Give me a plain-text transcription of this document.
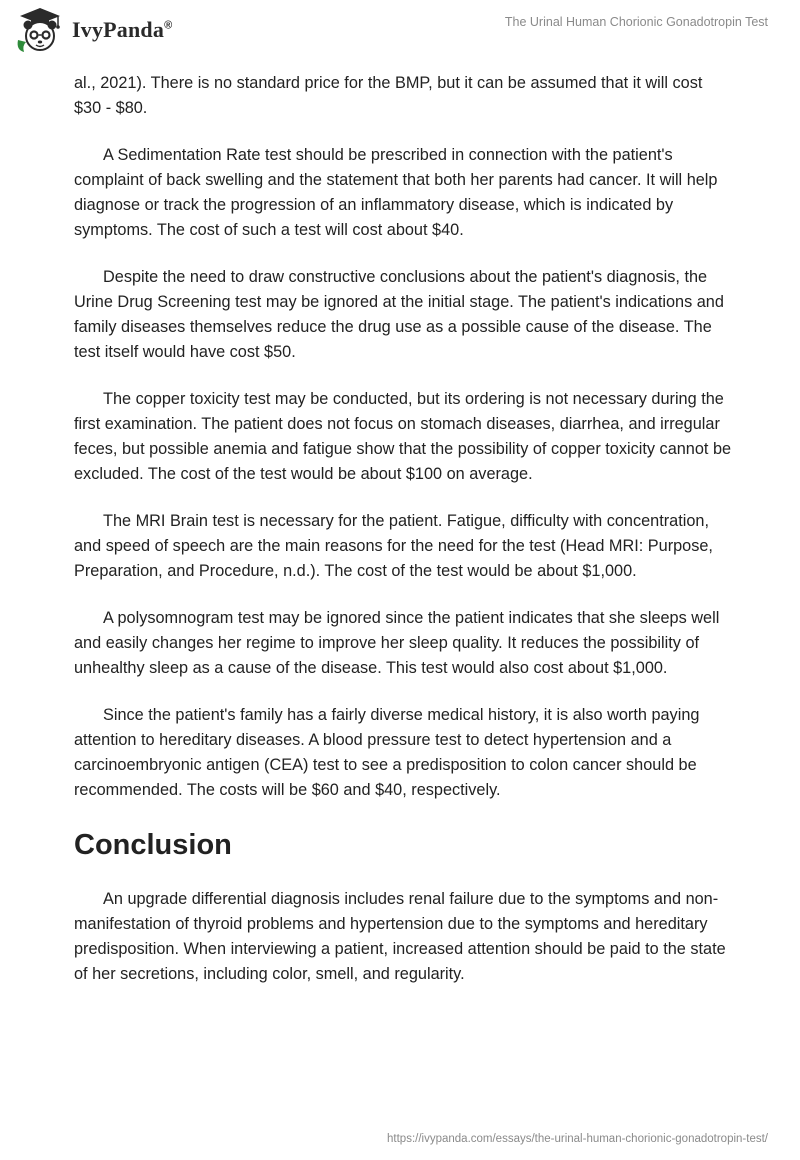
IvyPanda®	The Urinal Human Chorionic Gonadotropin Test

al., 2021). There is no standard price for the BMP, but it can be assumed that it will cost $30 - $80.

A Sedimentation Rate test should be prescribed in connection with the patient's complaint of back swelling and the statement that both her parents had cancer. It will help diagnose or track the progression of an inflammatory disease, which is indicated by symptoms. The cost of such a test will cost about $40.

Despite the need to draw constructive conclusions about the patient's diagnosis, the Urine Drug Screening test may be ignored at the initial stage. The patient's indications and family diseases themselves reduce the drug use as a possible cause of the disease. The test itself would have cost $50.

The copper toxicity test may be conducted, but its ordering is not necessary during the first examination. The patient does not focus on stomach diseases, diarrhea, and irregular feces, but possible anemia and fatigue show that the possibility of copper toxicity cannot be excluded. The cost of the test would be about $100 on average.

The MRI Brain test is necessary for the patient. Fatigue, difficulty with concentration, and speed of speech are the main reasons for the need for the test (Head MRI: Purpose, Preparation, and Procedure, n.d.). The cost of the test would be about $1,000.

A polysomnogram test may be ignored since the patient indicates that she sleeps well and easily changes her regime to improve her sleep quality. It reduces the possibility of unhealthy sleep as a cause of the disease. This test would also cost about $1,000.

Since the patient's family has a fairly diverse medical history, it is also worth paying attention to hereditary diseases. A blood pressure test to detect hypertension and a carcinoembryonic antigen (CEA) test to see a predisposition to colon cancer should be recommended. The costs will be $60 and $40, respectively.

Conclusion

An upgrade differential diagnosis includes renal failure due to the symptoms and non-manifestation of thyroid problems and hypertension due to the symptoms and hereditary predisposition. When interviewing a patient, increased attention should be paid to the state of her secretions, including color, smell, and regularity.

https://ivypanda.com/essays/the-urinal-human-chorionic-gonadotropin-test/
